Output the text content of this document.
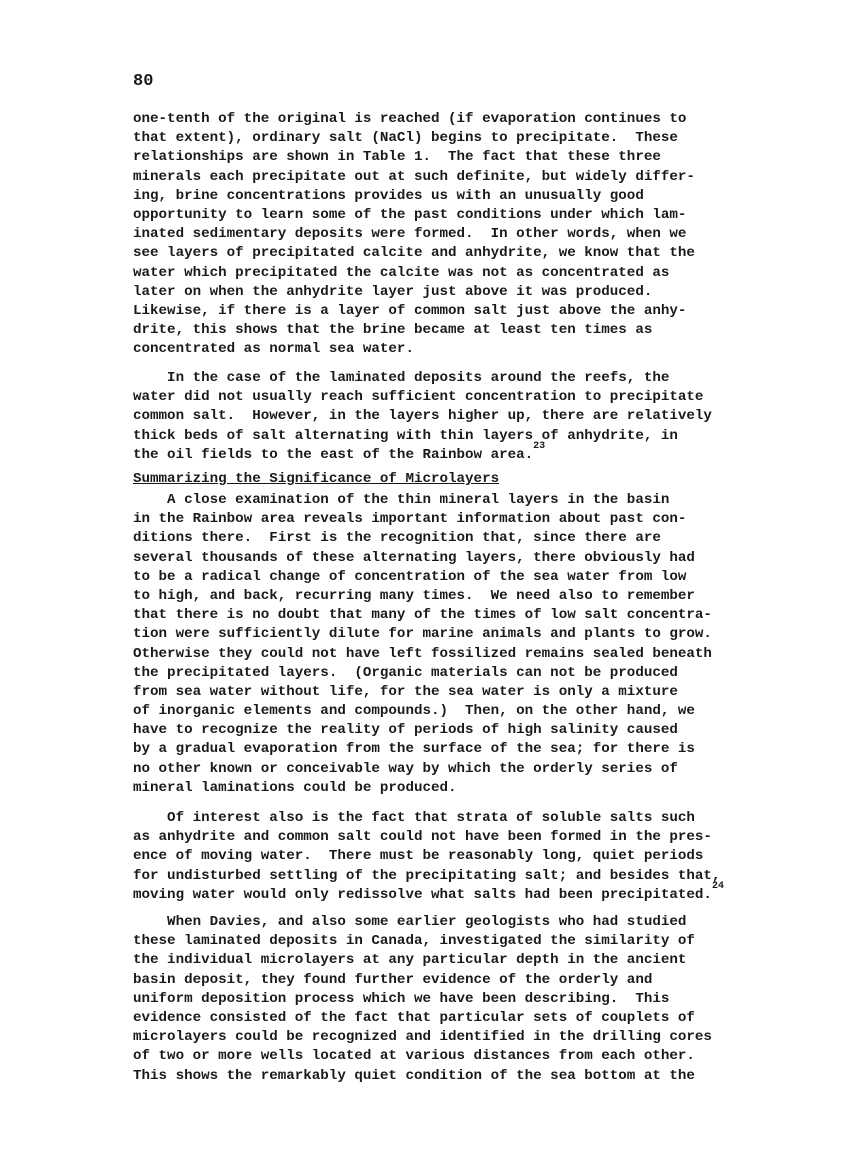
80
one-tenth of the original is reached (if evaporation continues to
that extent), ordinary salt (NaCl) begins to precipitate.  These
relationships are shown in Table 1.  The fact that these three
minerals each precipitate out at such definite, but widely differ-
ing, brine concentrations provides us with an unusually good
opportunity to learn some of the past conditions under which lam-
inated sedimentary deposits were formed.  In other words, when we
see layers of precipitated calcite and anhydrite, we know that the
water which precipitated the calcite was not as concentrated as
later on when the anhydrite layer just above it was produced.
Likewise, if there is a layer of common salt just above the anhy-
drite, this shows that the brine became at least ten times as
concentrated as normal sea water.
In the case of the laminated deposits around the reefs, the
water did not usually reach sufficient concentration to precipitate
common salt.  However, in the layers higher up, there are relatively
thick beds of salt alternating with thin layers of anhydrite, in
the oil fields to the east of the Rainbow area.$^{23}$
Summarizing the Significance of Microlayers
A close examination of the thin mineral layers in the basin
in the Rainbow area reveals important information about past con-
ditions there.  First is the recognition that, since there are
several thousands of these alternating layers, there obviously had
to be a radical change of concentration of the sea water from low
to high, and back, recurring many times.  We need also to remember
that there is no doubt that many of the times of low salt concentra-
tion were sufficiently dilute for marine animals and plants to grow.
Otherwise they could not have left fossilized remains sealed beneath
the precipitated layers.  (Organic materials can not be produced
from sea water without life, for the sea water is only a mixture
of inorganic elements and compounds.)  Then, on the other hand, we
have to recognize the reality of periods of high salinity caused
by a gradual evaporation from the surface of the sea; for there is
no other known or conceivable way by which the orderly series of
mineral laminations could be produced.
Of interest also is the fact that strata of soluble salts such
as anhydrite and common salt could not have been formed in the pres-
ence of moving water.  There must be reasonably long, quiet periods
for undisturbed settling of the precipitating salt; and besides that,
moving water would only redissolve what salts had been precipitated.$^{24}$
When Davies, and also some earlier geologists who had studied
these laminated deposits in Canada, investigated the similarity of
the individual microlayers at any particular depth in the ancient
basin deposit, they found further evidence of the orderly and
uniform deposition process which we have been describing.  This
evidence consisted of the fact that particular sets of couplets of
microlayers could be recognized and identified in the drilling cores
of two or more wells located at various distances from each other.
This shows the remarkably quiet condition of the sea bottom at the
